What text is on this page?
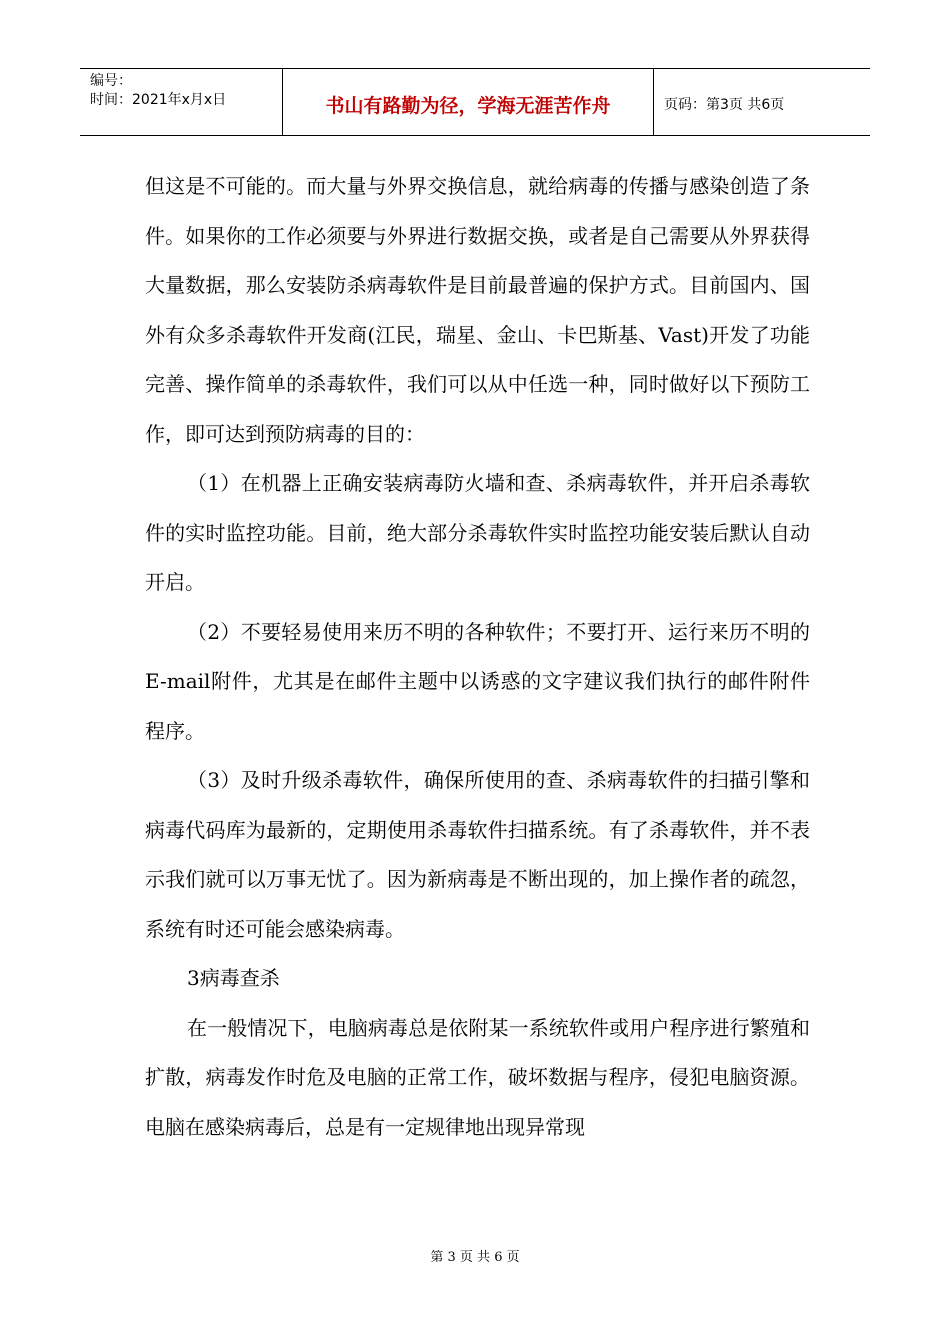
编号：
时间：2021年x月x日	书山有路勤为径，学海无涯苦作舟	页码：第3页 共6页

但这是不可能的。而大量与外界交换信息，就给病毒的传播与感染创造了条件。如果你的工作必须要与外界进行数据交换，或者是自己需要从外界获得大量数据，那么安装防杀病毒软件是目前最普遍的保护方式。目前国内、国外有众多杀毒软件开发商(江民，瑞星、金山、卡巴斯基、Vast)开发了功能完善、操作简单的杀毒软件，我们可以从中任选一种，同时做好以下预防工作，即可达到预防病毒的目的：

（1）在机器上正确安装病毒防火墙和查、杀病毒软件，并开启杀毒软件的实时监控功能。目前，绝大部分杀毒软件实时监控功能安装后默认自动开启。

（2）不要轻易使用来历不明的各种软件；不要打开、运行来历不明的E-mail附件，尤其是在邮件主题中以诱惑的文字建议我们执行的邮件附件程序。

（3）及时升级杀毒软件，确保所使用的查、杀病毒软件的扫描引擎和病毒代码库为最新的，定期使用杀毒软件扫描系统。有了杀毒软件，并不表示我们就可以万事无忧了。因为新病毒是不断出现的，加上操作者的疏忽，系统有时还可能会感染病毒。

3病毒查杀

在一般情况下，电脑病毒总是依附某一系统软件或用户程序进行繁殖和扩散，病毒发作时危及电脑的正常工作，破坏数据与程序，侵犯电脑资源。电脑在感染病毒后，总是有一定规律地出现异常现

第 3 页 共 6 页
